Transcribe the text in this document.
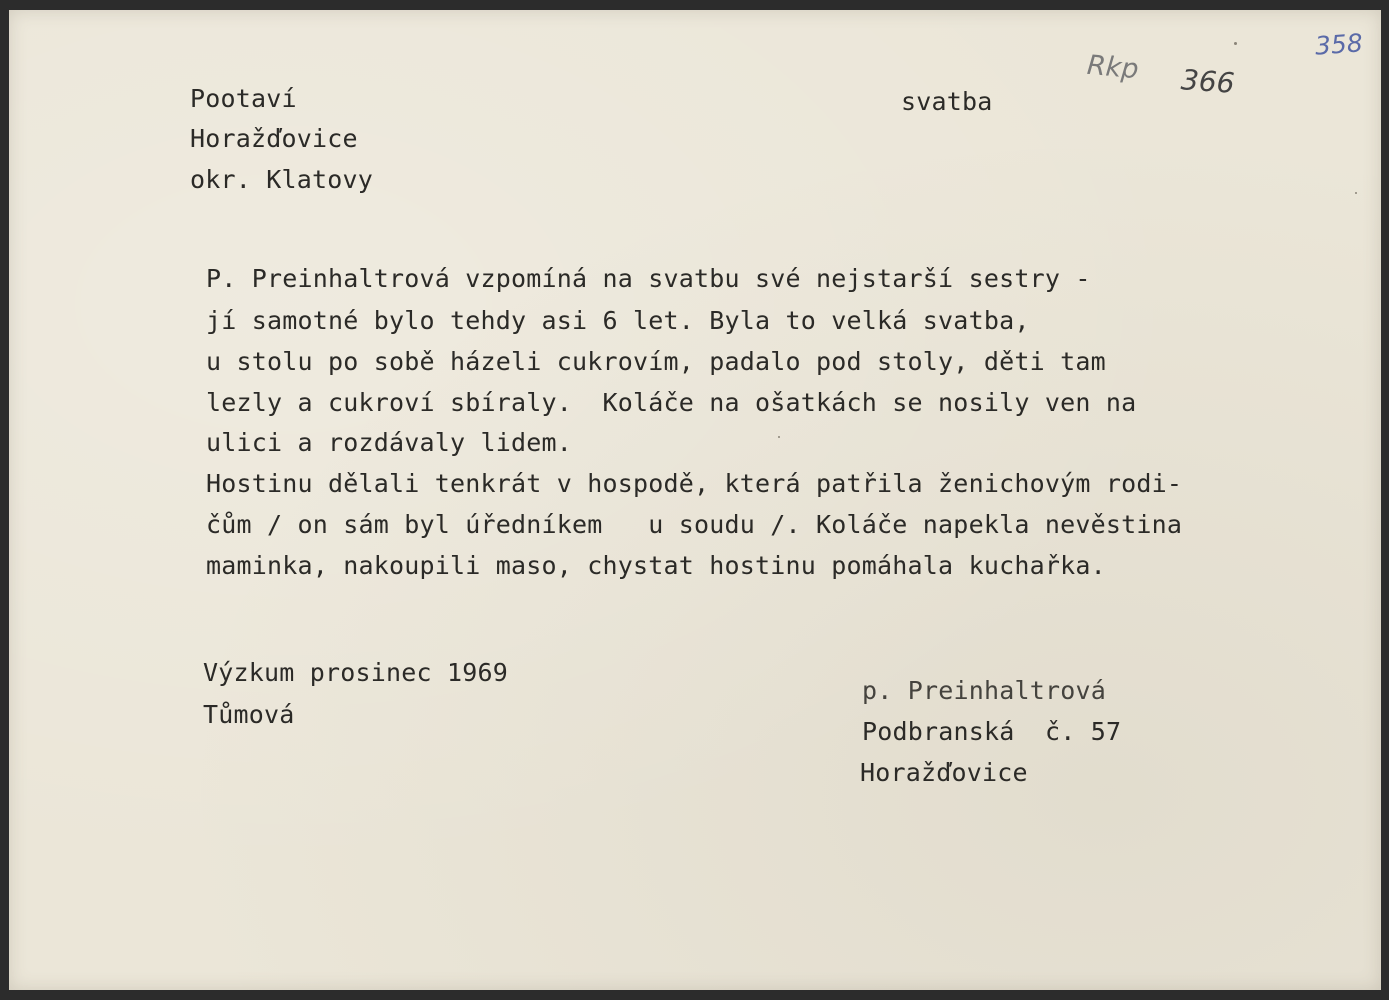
Pootaví
Horažďovice
okr. Klatovy
svatba
Rkp 366
358
P. Preinhaltrová vzpomíná na svatbu své nejstarší sestry -
jí samotné bylo tehdy asi 6 let. Byla to velká svatba,
u stolu po sobě házeli cukrovím, padalo pod stoly, děti tam
lezly a cukroví sbíraly.  Koláče na ošatkách se nosily ven na
ulici a rozdávaly lidem.
Hostinu dělali tenkrát v hospodě, která patřila ženichovým rodi-
čům / on sám byl úředníkem   u soudu /. Koláče napekla nevěstina
maminka, nakoupili maso, chystat hostinu pomáhala kuchařka.
Výzkum prosinec 1969
Tůmová
p. Preinhaltrová
Podbranská  č. 57
Horažďovice
